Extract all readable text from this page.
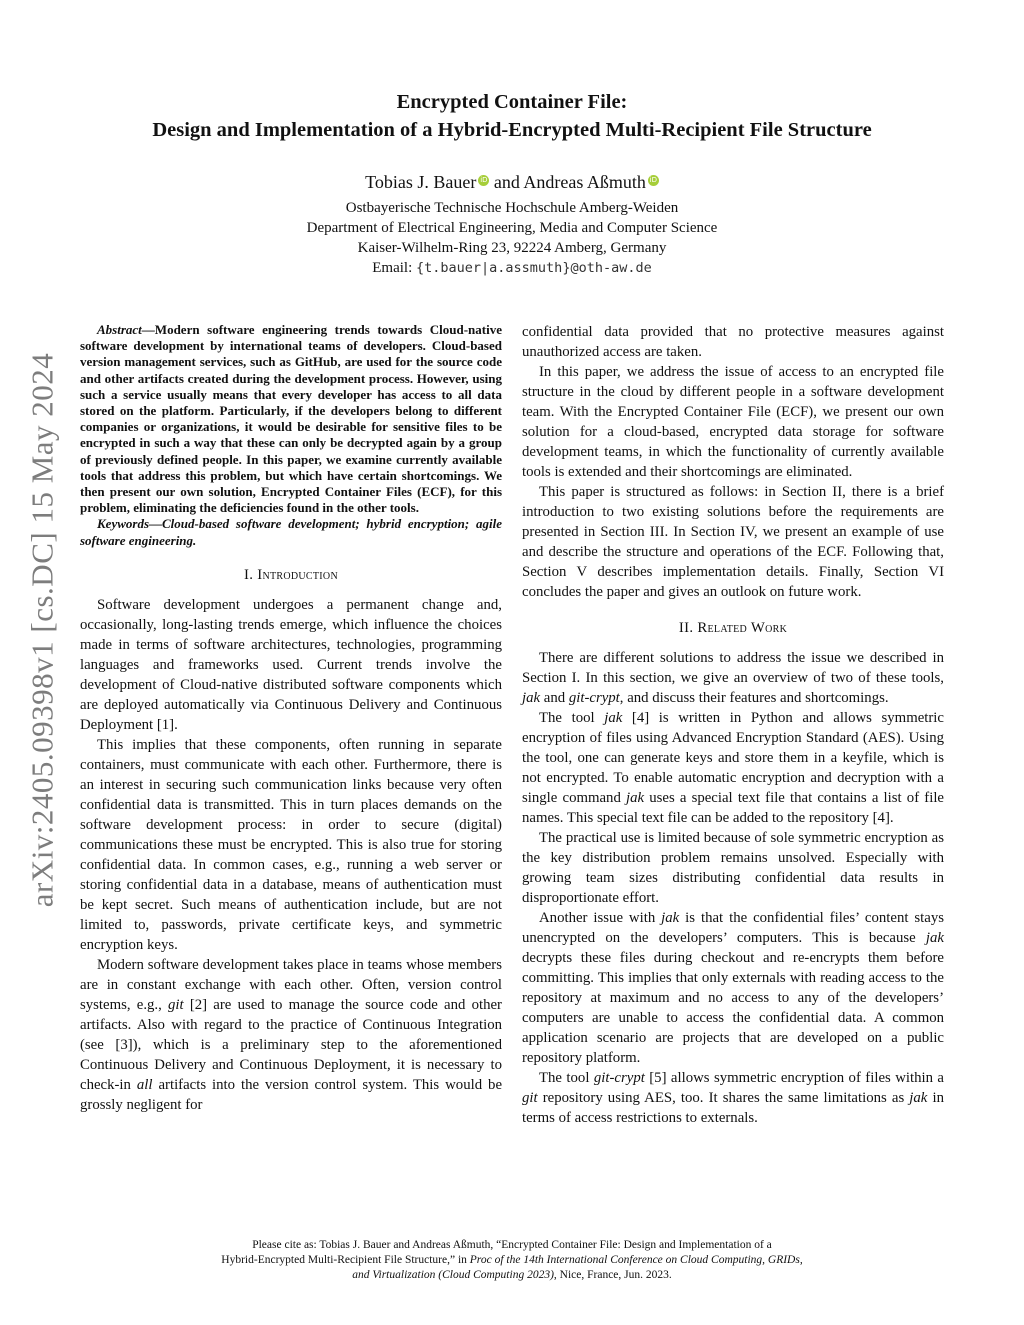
arXiv:2405.09398v1 [cs.DC] 15 May 2024
Encrypted Container File:
Design and Implementation of a Hybrid-Encrypted Multi-Recipient File Structure
Tobias J. Bauer iD and Andreas Aßmuth iD
Ostbayerische Technische Hochschule Amberg-Weiden
Department of Electrical Engineering, Media and Computer Science
Kaiser-Wilhelm-Ring 23, 92224 Amberg, Germany
Email: {t.bauer|a.assmuth}@oth-aw.de

Abstract—Modern software engineering trends towards Cloud-native software development by international teams of developers. Cloud-based version management services, such as GitHub, are used for the source code and other artifacts created during the development process. However, using such a service usually means that every developer has access to all data stored on the platform. Particularly, if the developers belong to different companies or organizations, it would be desirable for sensitive files to be encrypted in such a way that these can only be decrypted again by a group of previously defined people. In this paper, we examine currently available tools that address this problem, but which have certain shortcomings. We then present our own solution, Encrypted Container Files (ECF), for this problem, eliminating the deficiencies found in the other tools.

Keywords—Cloud-based software development; hybrid encryption; agile software engineering.

I. Introduction

Software development undergoes a permanent change and, occasionally, long-lasting trends emerge, which influence the choices made in terms of software architectures, technologies, programming languages and frameworks used. Current trends involve the development of Cloud-native distributed software components which are deployed automatically via Continuous Delivery and Continuous Deployment [1].

This implies that these components, often running in separate containers, must communicate with each other. Furthermore, there is an interest in securing such communication links because very often confidential data is transmitted. This in turn places demands on the software development process: in order to secure (digital) communications these must be encrypted. This is also true for storing confidential data. In common cases, e.g., running a web server or storing confidential data in a database, means of authentication must be kept secret. Such means of authentication include, but are not limited to, passwords, private certificate keys, and symmetric encryption keys.

Modern software development takes place in teams whose members are in constant exchange with each other. Often, version control systems, e.g., git [2] are used to manage the source code and other artifacts. Also with regard to the practice of Continuous Integration (see [3]), which is a preliminary step to the aforementioned Continuous Delivery and Continuous Deployment, it is necessary to check-in all artifacts into the version control system. This would be grossly negligent for

confidential data provided that no protective measures against unauthorized access are taken.

In this paper, we address the issue of access to an encrypted file structure in the cloud by different people in a software development team. With the Encrypted Container File (ECF), we present our own solution for a cloud-based, encrypted data storage for software development teams, in which the functionality of currently available tools is extended and their shortcomings are eliminated.

This paper is structured as follows: in Section II, there is a brief introduction to two existing solutions before the requirements are presented in Section III. In Section IV, we present an example of use and describe the structure and operations of the ECF. Following that, Section V describes implementation details. Finally, Section VI concludes the paper and gives an outlook on future work.

II. Related Work

There are different solutions to address the issue we described in Section I. In this section, we give an overview of two of these tools, jak and git-crypt, and discuss their features and shortcomings.

The tool jak [4] is written in Python and allows symmetric encryption of files using Advanced Encryption Standard (AES). Using the tool, one can generate keys and store them in a keyfile, which is not encrypted. To enable automatic encryption and decryption with a single command jak uses a special text file that contains a list of file names. This special text file can be added to the repository [4].

The practical use is limited because of sole symmetric encryption as the key distribution problem remains unsolved. Especially with growing team sizes distributing confidential data results in disproportionate effort.

Another issue with jak is that the confidential files’ content stays unencrypted on the developers’ computers. This is because jak decrypts these files during checkout and re-encrypts them before committing. This implies that only externals with reading access to the repository at maximum and no access to any of the developers’ computers are unable to access the confidential data. A common application scenario are projects that are developed on a public repository platform.

The tool git-crypt [5] allows symmetric encryption of files within a git repository using AES, too. It shares the same limitations as jak in terms of access restrictions to externals.

Please cite as: Tobias J. Bauer and Andreas Aßmuth, “Encrypted Container File: Design and Implementation of a
Hybrid-Encrypted Multi-Recipient File Structure,” in Proc of the 14th International Conference on Cloud Computing, GRIDs,
and Virtualization (Cloud Computing 2023), Nice, France, Jun. 2023.
